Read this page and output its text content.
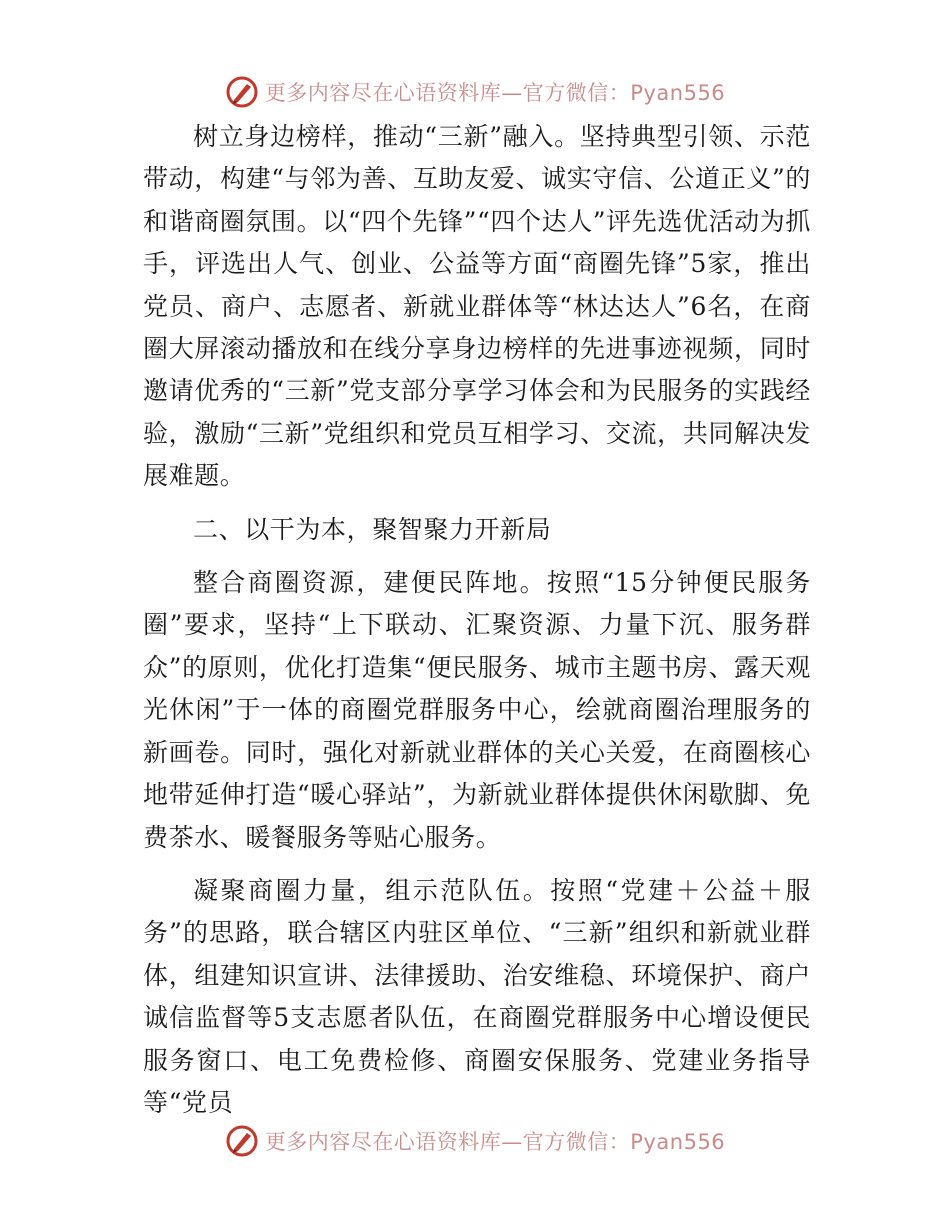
更多内容尽在心语资料库—官方微信：Pyan556

树立身边榜样，推动“三新”融入。坚持典型引领、示范带动，构建“与邻为善、互助友爱、诚实守信、公道正义”的和谐商圈氛围。以“四个先锋”“四个达人”评先选优活动为抓手，评选出人气、创业、公益等方面“商圈先锋”5家，推出党员、商户、志愿者、新就业群体等“林达达人”6名，在商圈大屏滚动播放和在线分享身边榜样的先进事迹视频，同时邀请优秀的“三新”党支部分享学习体会和为民服务的实践经验，激励“三新”党组织和党员互相学习、交流，共同解决发展难题。

二、以干为本，聚智聚力开新局

整合商圈资源，建便民阵地。按照“15分钟便民服务圈”要求，坚持“上下联动、汇聚资源、力量下沉、服务群众”的原则，优化打造集“便民服务、城市主题书房、露天观光休闲”于一体的商圈党群服务中心，绘就商圈治理服务的新画卷。同时，强化对新就业群体的关心关爱，在商圈核心地带延伸打造“暖心驿站”，为新就业群体提供休闲歇脚、免费茶水、暖餐服务等贴心服务。

凝聚商圈力量，组示范队伍。按照“党建＋公益＋服务”的思路，联合辖区内驻区单位、“三新”组织和新就业群体，组建知识宣讲、法律援助、治安维稳、环境保护、商户诚信监督等5支志愿者队伍，在商圈党群服务中心增设便民服务窗口、电工免费检修、商圈安保服务、党建业务指导等“党员

更多内容尽在心语资料库—官方微信：Pyan556
